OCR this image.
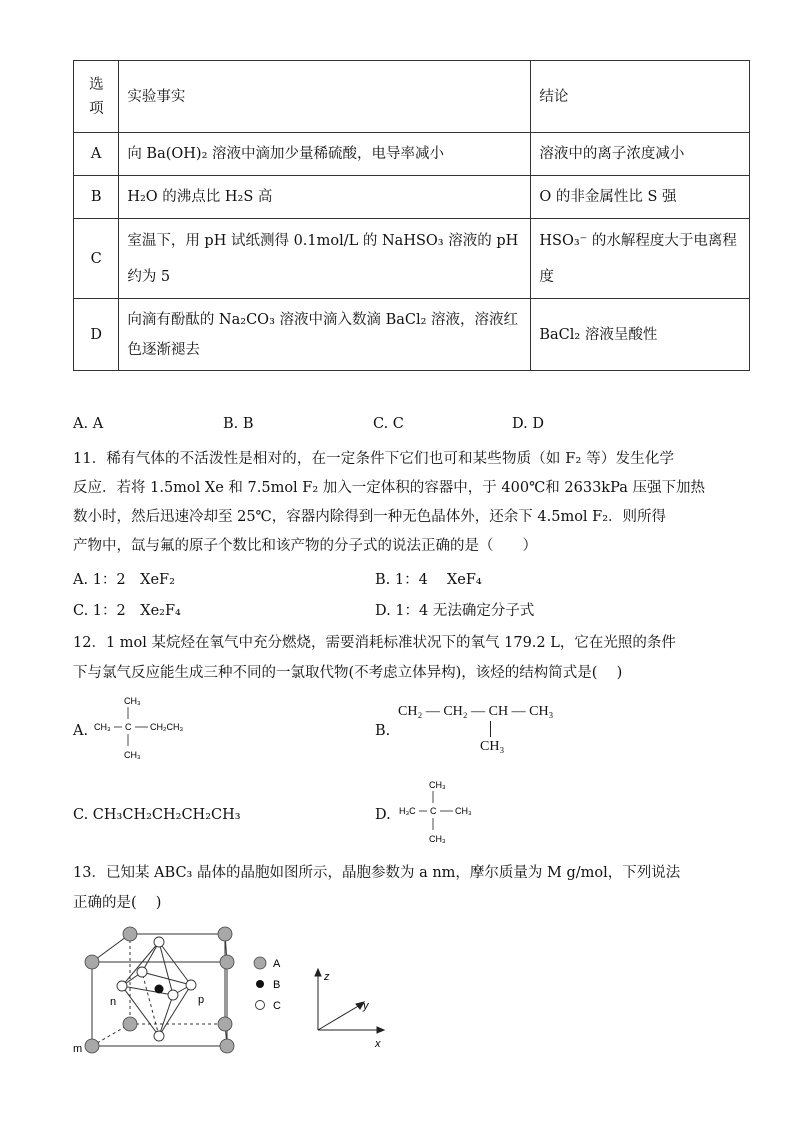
选项	实验事实	结论
A	向 Ba(OH)₂ 溶液中滴加少量稀硫酸，电导率减小	溶液中的离子浓度减小
B	H₂O 的沸点比 H₂S 高	O 的非金属性比 S 强
C	室温下，用 pH 试纸测得 0.1mol/L 的 NaHSO₃ 溶液的 pH 约为 5	HSO₃⁻ 的水解程度大于电离程度
D	向滴有酚酞的 Na₂CO₃ 溶液中滴入数滴 BaCl₂ 溶液，溶液红色逐渐褪去	BaCl₂ 溶液呈酸性
A. A	B. B	C. C	D. D
11．稀有气体的不活泼性是相对的，在一定条件下它们也可和某些物质（如 F₂ 等）发生化学
反应．若将 1.5mol Xe 和 7.5mol F₂ 加入一定体积的容器中，于 400℃和 2633kPa 压强下加热
数小时，然后迅速冷却至 25℃，容器内除得到一种无色晶体外，还余下 4.5mol F₂．则所得
产物中，氙与氟的原子个数比和该产物的分子式的说法正确的是（　　）
A. 1：2　XeF₂	B. 1：4　 XeF₄
C. 1：2　Xe₂F₄	D. 1：4 无法确定分子式
12．1 mol 某烷烃在氧气中充分燃烧，需要消耗标准状况下的氧气 179.2 L，它在光照的条件
下与氯气反应能生成三种不同的一氯取代物(不考虑立体异构)，该烃的结构简式是(　 )
A.
CH₃
CH₃ C CH₂CH₃
CH₃
B.
CH₂ — CH₂ — CH — CH₃
CH₃
C. CH₃CH₂CH₂CH₂CH₃	D.
CH₃
H₃C C CH₃
CH₃
13．已知某 ABC₃ 晶体的晶胞如图所示，晶胞参数为 a nm，摩尔质量为 M g/mol，下列说法
正确的是(　 )
m
n	p
A
B
C
z
y
x
